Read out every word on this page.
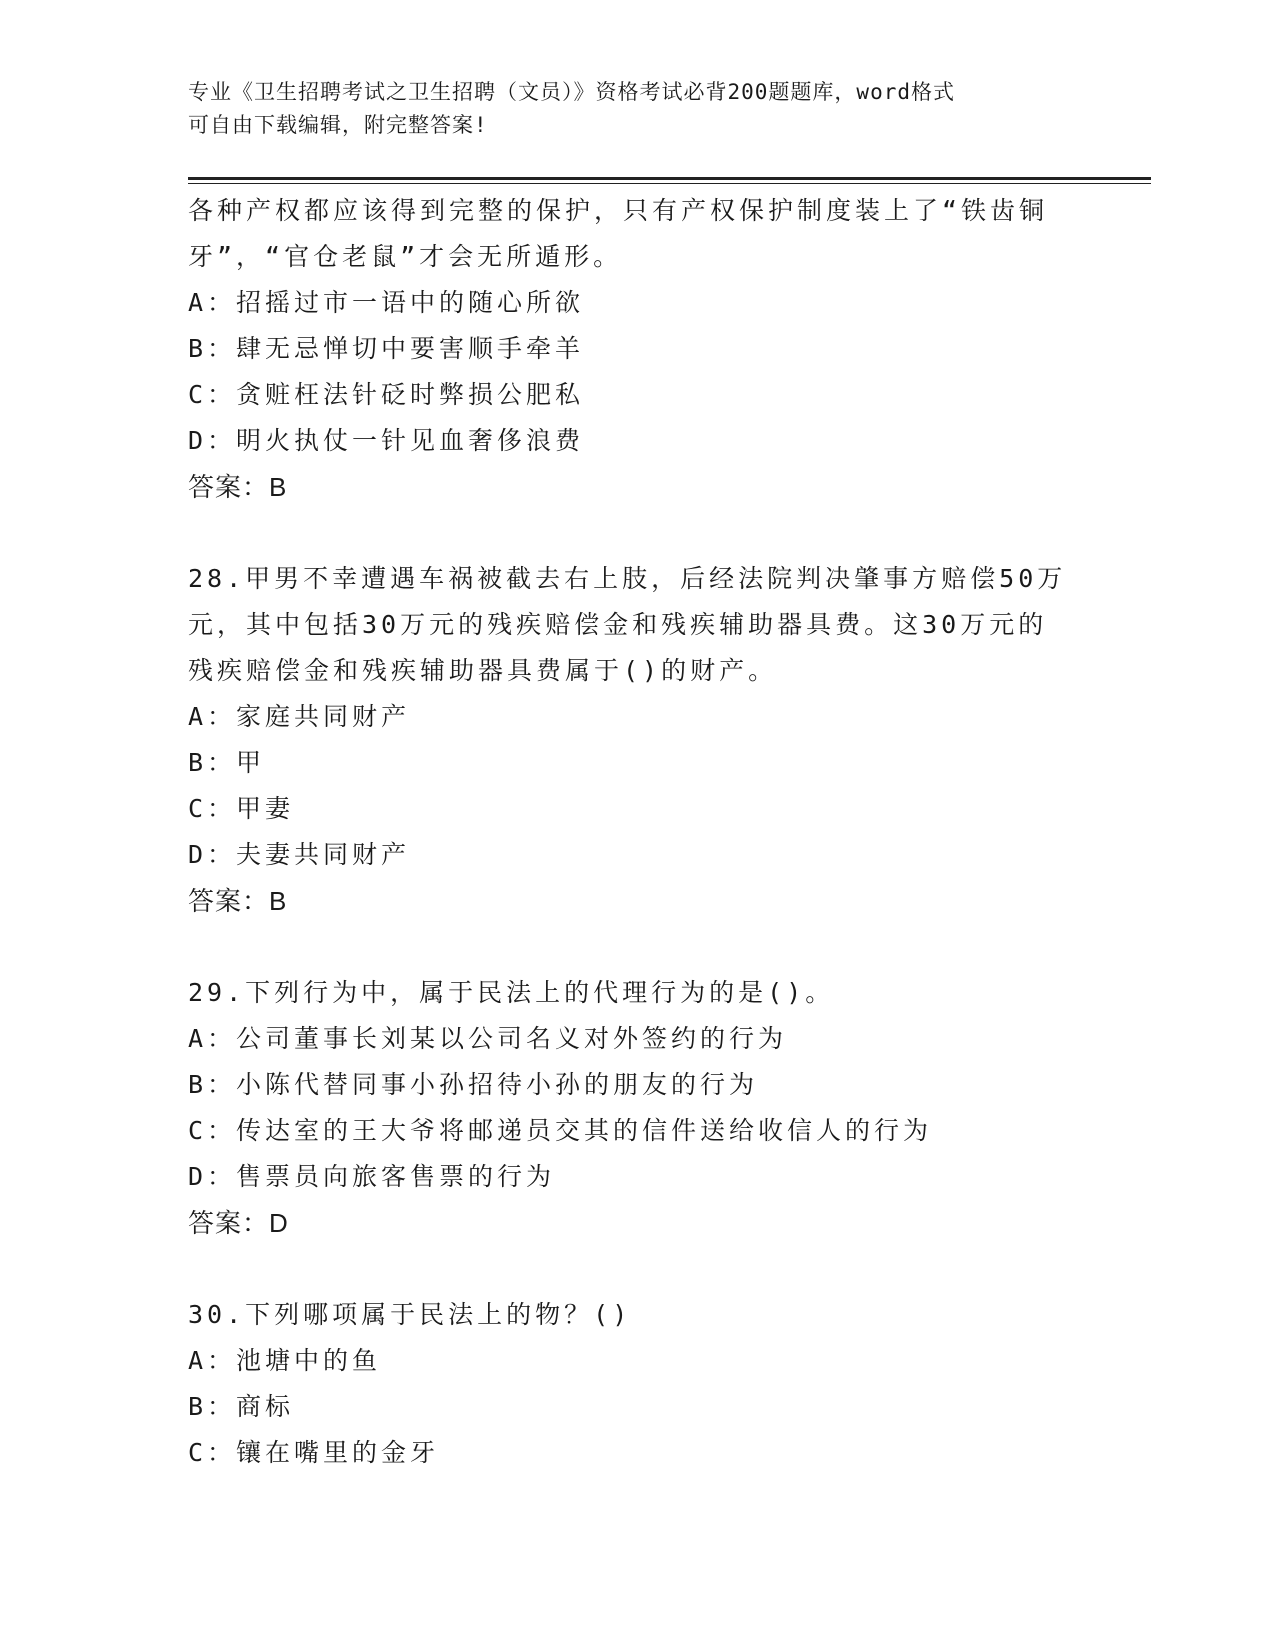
专业《卫生招聘考试之卫生招聘（文员）》资格考试必背200题题库，word格式
可自由下载编辑，附完整答案!
各种产权都应该得到完整的保护，只有产权保护制度装上了“铁齿铜
牙”，“官仓老鼠”才会无所遁形。
A：招摇过市一语中的随心所欲
B：肆无忌惮切中要害顺手牵羊
C：贪赃枉法针砭时弊损公肥私
D：明火执仗一针见血奢侈浪费
答案：B
28.甲男不幸遭遇车祸被截去右上肢，后经法院判决肇事方赔偿50万
元，其中包括30万元的残疾赔偿金和残疾辅助器具费。这30万元的
残疾赔偿金和残疾辅助器具费属于()的财产。
A：家庭共同财产
B：甲
C：甲妻
D：夫妻共同财产
答案：B
29.下列行为中，属于民法上的代理行为的是()。
A：公司董事长刘某以公司名义对外签约的行为
B：小陈代替同事小孙招待小孙的朋友的行为
C：传达室的王大爷将邮递员交其的信件送给收信人的行为
D：售票员向旅客售票的行为
答案：D
30.下列哪项属于民法上的物？()
A：池塘中的鱼
B：商标
C：镶在嘴里的金牙
